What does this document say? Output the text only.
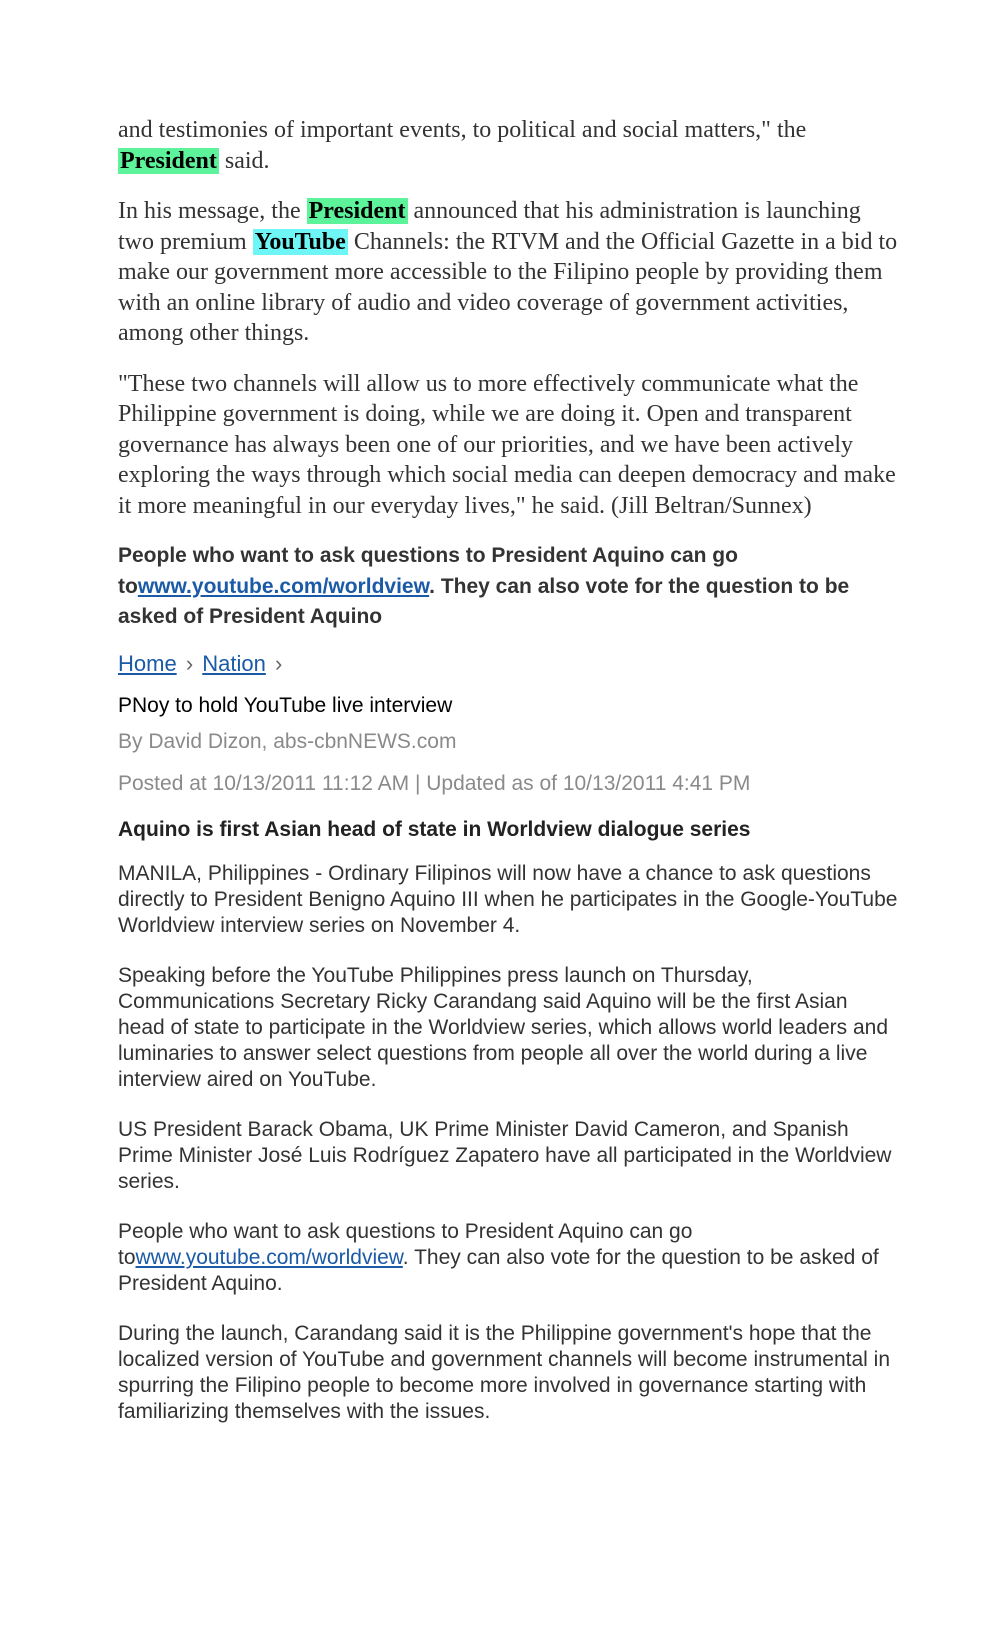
and testimonies of important events, to political and social matters," the President said.

In his message, the President announced that his administration is launching two premium YouTube Channels: the RTVM and the Official Gazette in a bid to make our government more accessible to the Filipino people by providing them with an online library of audio and video coverage of government activities, among other things.

"These two channels will allow us to more effectively communicate what the Philippine government is doing, while we are doing it. Open and transparent governance has always been one of our priorities, and we have been actively exploring the ways through which social media can deepen democracy and make it more meaningful in our everyday lives," he said. (Jill Beltran/Sunnex)

People who want to ask questions to President Aquino can go towww.youtube.com/worldview. They can also vote for the question to be asked of President Aquino

Home › Nation ›
PNoy to hold YouTube live interview
By David Dizon, abs-cbnNEWS.com
Posted at 10/13/2011 11:12 AM | Updated as of 10/13/2011 4:41 PM
Aquino is first Asian head of state in Worldview dialogue series

MANILA, Philippines - Ordinary Filipinos will now have a chance to ask questions directly to President Benigno Aquino III when he participates in the Google-YouTube Worldview interview series on November 4.

Speaking before the YouTube Philippines press launch on Thursday, Communications Secretary Ricky Carandang said Aquino will be the first Asian head of state to participate in the Worldview series, which allows world leaders and luminaries to answer select questions from people all over the world during a live interview aired on YouTube.

US President Barack Obama, UK Prime Minister David Cameron, and Spanish Prime Minister José Luis Rodríguez Zapatero have all participated in the Worldview series.

People who want to ask questions to President Aquino can go towww.youtube.com/worldview. They can also vote for the question to be asked of President Aquino.

During the launch, Carandang said it is the Philippine government's hope that the localized version of YouTube and government channels will become instrumental in spurring the Filipino people to become more involved in governance starting with familiarizing themselves with the issues.
